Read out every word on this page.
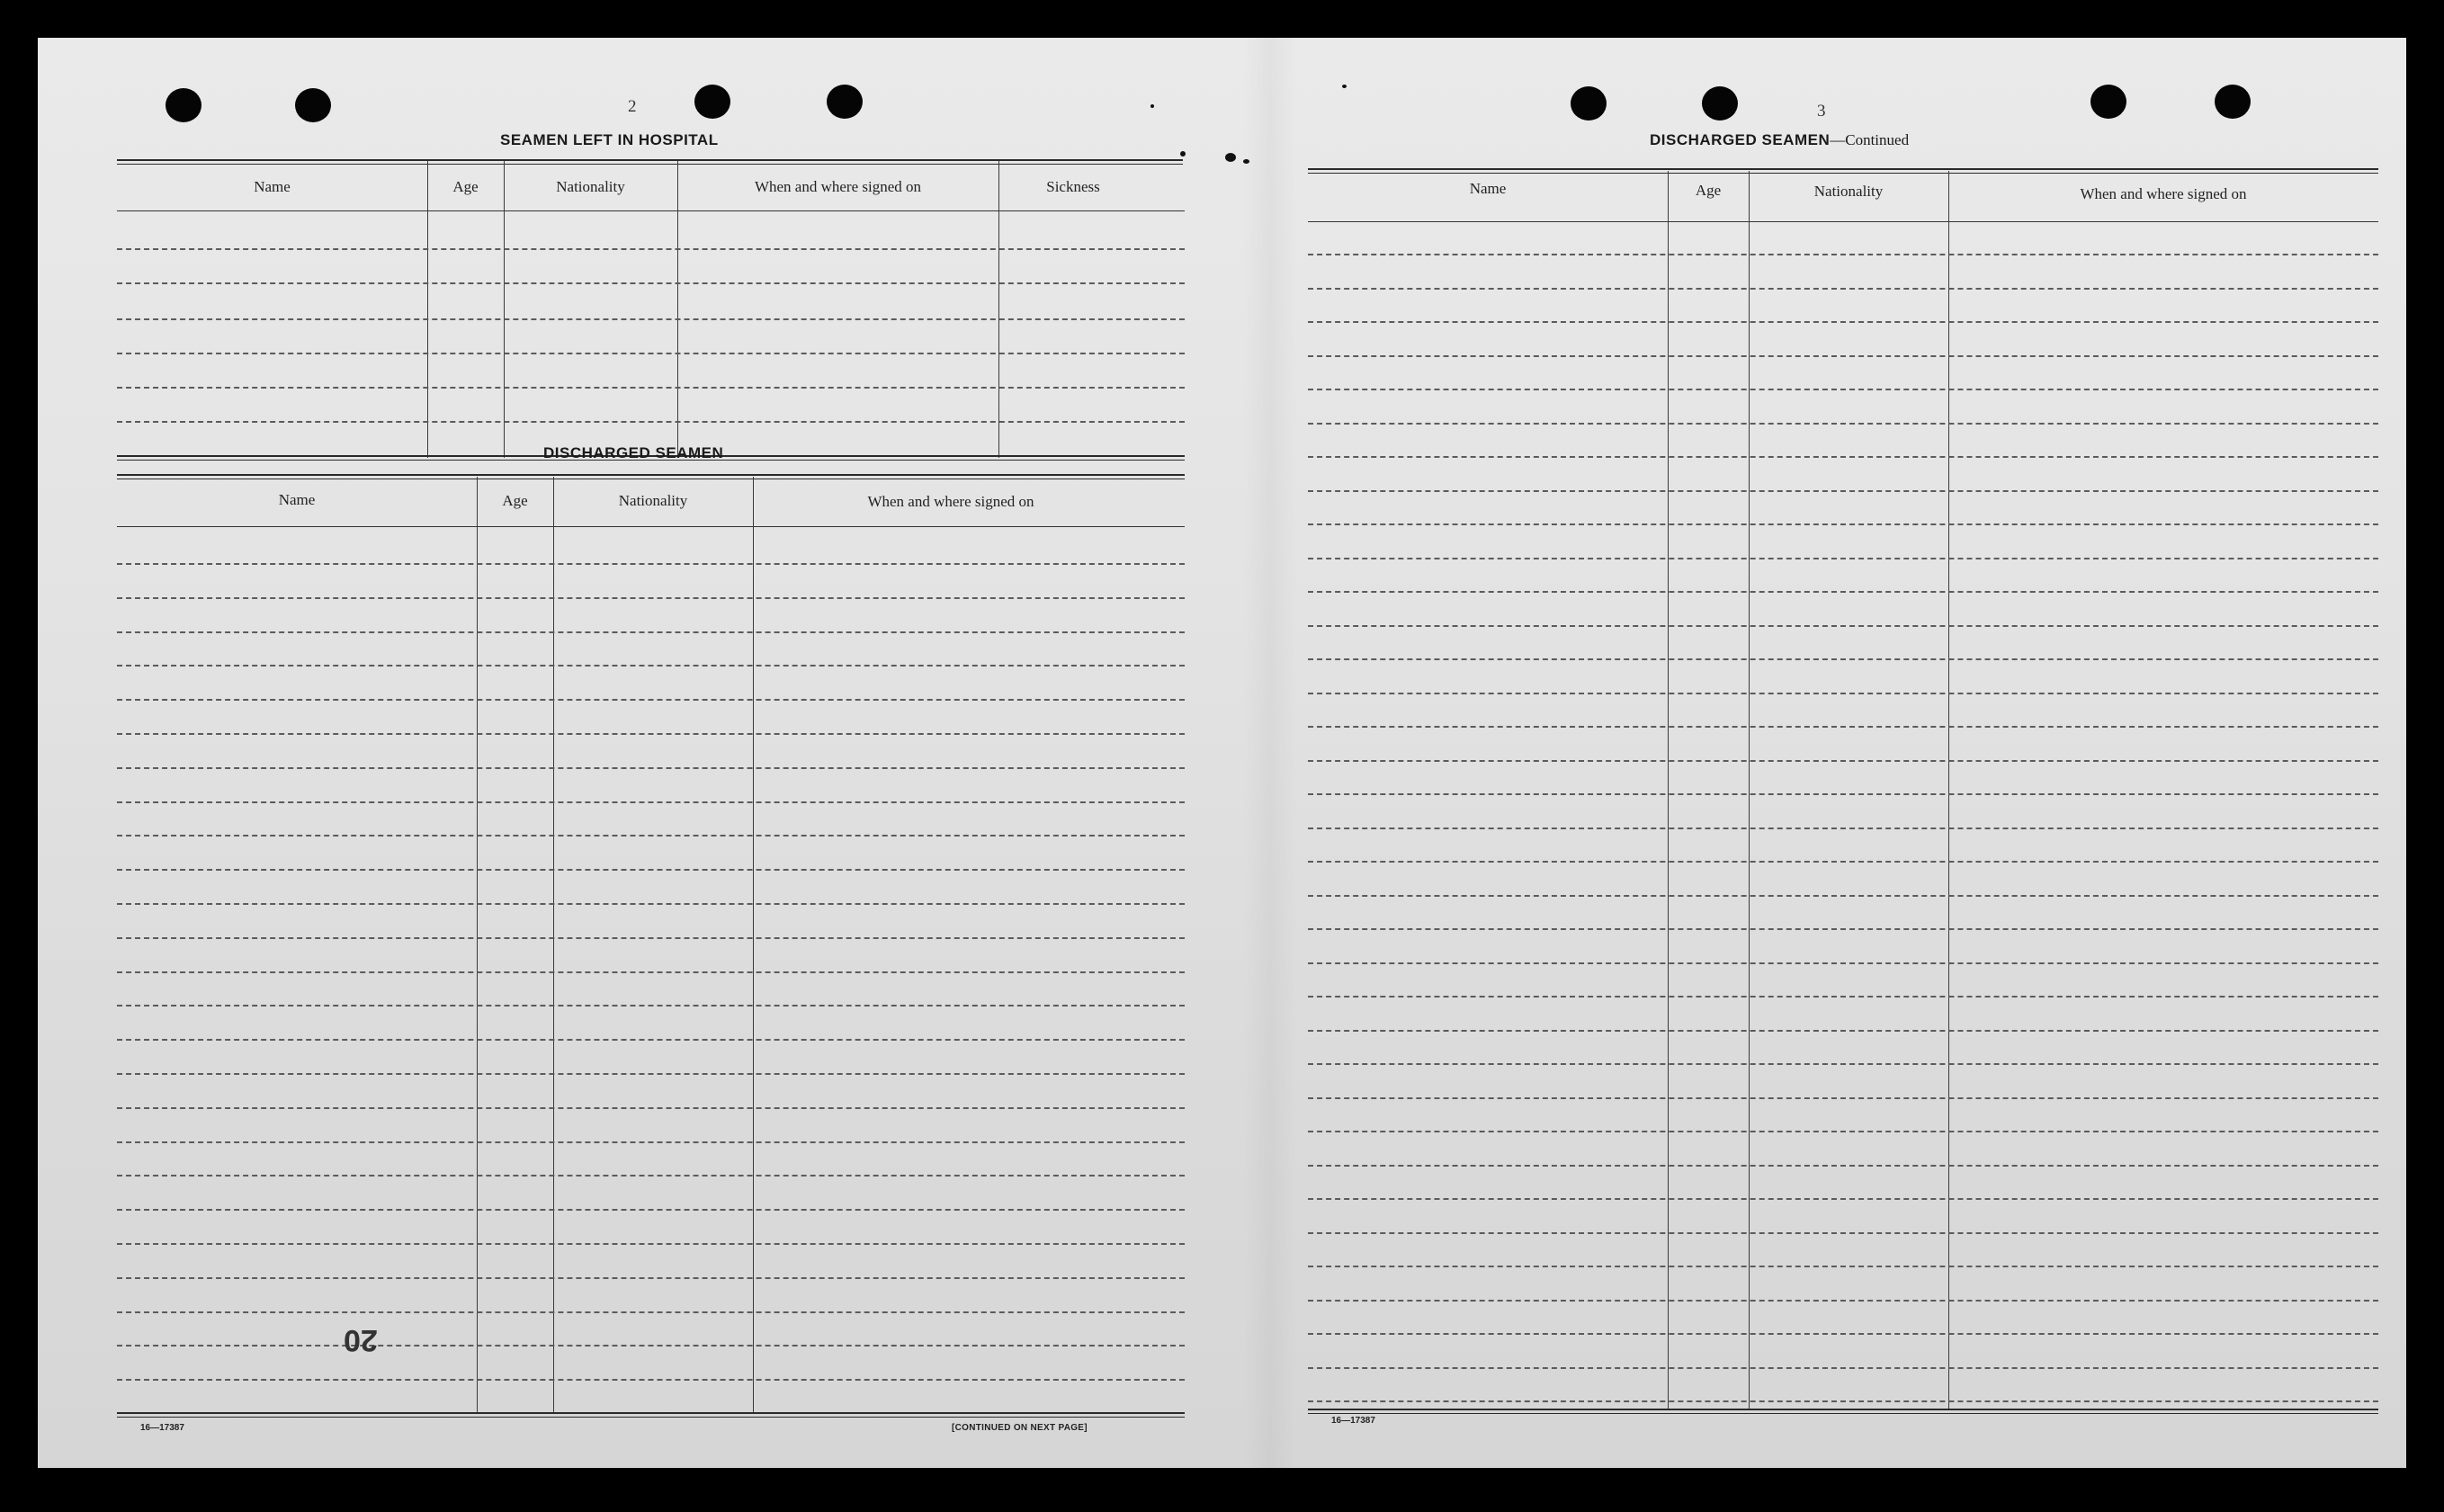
2
SEAMEN LEFT IN HOSPITAL
Name	Age	Nationality	When and where signed on	Sickness
DISCHARGED SEAMEN
Name	Age	Nationality	When and where signed on
20
16—17387	[CONTINUED ON NEXT PAGE]
3
DISCHARGED SEAMEN—Continued
Name	Age	Nationality	When and where signed on
16—17387
